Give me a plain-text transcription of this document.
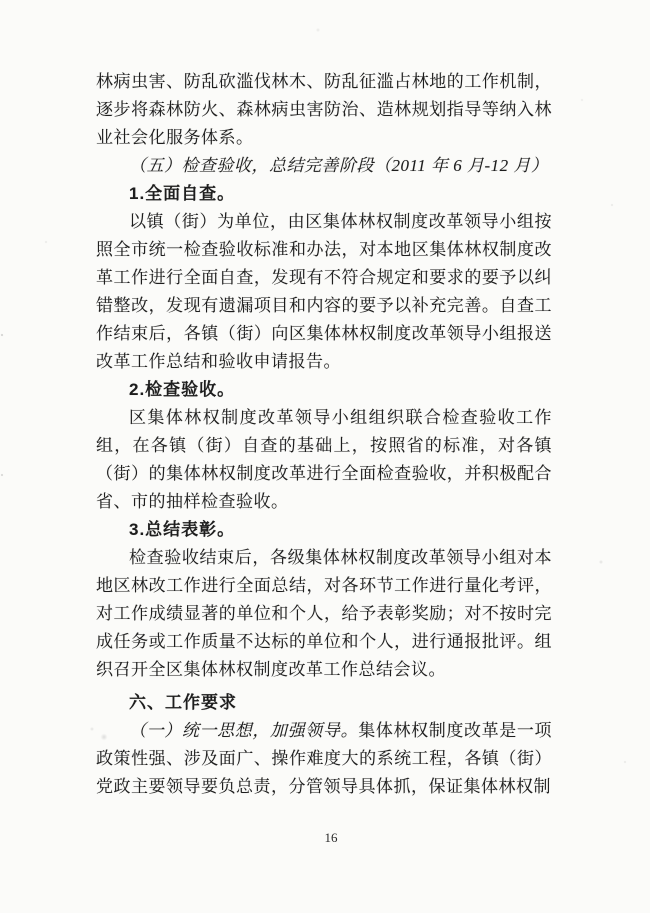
林病虫害、防乱砍滥伐林木、防乱征滥占林地的工作机制，逐步将森林防火、森林病虫害防治、造林规划指导等纳入林业社会化服务体系。

（五）检查验收，总结完善阶段（2011 年 6 月-12 月）

1.全面自查。

以镇（街）为单位，由区集体林权制度改革领导小组按照全市统一检查验收标准和办法，对本地区集体林权制度改革工作进行全面自查，发现有不符合规定和要求的要予以纠错整改，发现有遗漏项目和内容的要予以补充完善。自查工作结束后，各镇（街）向区集体林权制度改革领导小组报送改革工作总结和验收申请报告。

2.检查验收。

区集体林权制度改革领导小组组织联合检查验收工作组，在各镇（街）自查的基础上，按照省的标准，对各镇（街）的集体林权制度改革进行全面检查验收，并积极配合省、市的抽样检查验收。

3.总结表彰。

检查验收结束后，各级集体林权制度改革领导小组对本地区林改工作进行全面总结，对各环节工作进行量化考评，对工作成绩显著的单位和个人，给予表彰奖励；对不按时完成任务或工作质量不达标的单位和个人，进行通报批评。组织召开全区集体林权制度改革工作总结会议。

六、工作要求

（一）统一思想，加强领导。集体林权制度改革是一项政策性强、涉及面广、操作难度大的系统工程，各镇（街）党政主要领导要负总责，分管领导具体抓，保证集体林权制

16
